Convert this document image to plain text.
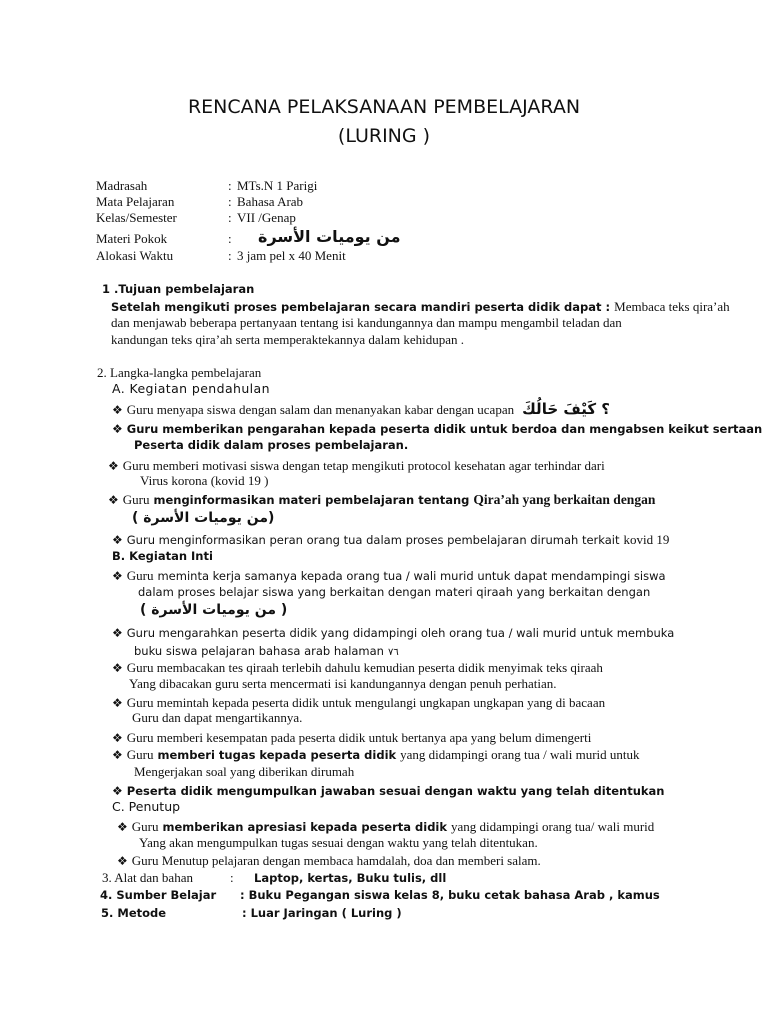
RENCANA PELAKSANAAN PEMBELAJARAN
(LURING )
Madrasah	: MTs.N 1 Parigi
Mata Pelajaran	: Bahasa Arab
Kelas/Semester	: VII /Genap
Materi Pokok	: من يوميات الأسرة
Alokasi Waktu	: 3 jam pel x 40 Menit
1 .Tujuan pembelajaran
Setelah mengikuti proses pembelajaran secara mandiri peserta didik dapat : Membaca teks qira’ah
dan menjawab beberapa pertanyaan tentang isi kandungannya dan mampu mengambil teladan dan
kandungan teks qira’ah serta memperaktekannya dalam kehidupan .
2. Langka-langka pembelajaran
A. Kegiatan pendahulan
❖ Guru menyapa siswa dengan salam dan menanyakan kabar dengan ucapan ؟ كَيْفَ حَالُكَ
❖ Guru memberikan pengarahan kepada peserta didik untuk berdoa dan mengabsen keikut sertaan
Peserta didik dalam proses pembelajaran.
❖ Guru memberi motivasi siswa dengan tetap mengikuti protocol kesehatan agar terhindar dari
Virus korona (kovid 19 )
❖ Guru menginformasikan materi pembelajaran tentang Qira’ah yang berkaitan dengan
( من يوميات الأسرة)
❖ Guru menginformasikan peran orang tua dalam proses pembelajaran dirumah terkait kovid 19
B. Kegiatan Inti
❖ Guru meminta kerja samanya kepada orang tua / wali murid untuk dapat mendampingi siswa
dalam proses belajar siswa yang berkaitan dengan materi qiraah yang berkaitan dengan
( من يوميات الأسرة )
❖ Guru mengarahkan peserta didik yang didampingi oleh orang tua / wali murid untuk membuka
buku siswa pelajaran bahasa arab halaman ٧٦
❖ Guru membacakan tes qiraah terlebih dahulu kemudian peserta didik menyimak teks qiraah
Yang dibacakan guru serta mencermati isi kandungannya dengan penuh perhatian.
❖ Guru memintah kepada peserta didik untuk mengulangi ungkapan ungkapan yang di bacaan
Guru dan dapat mengartikannya.
❖ Guru memberi kesempatan pada peserta didik untuk bertanya apa yang belum dimengerti
❖ Guru memberi tugas kepada peserta didik yang didampingi orang tua / wali murid untuk
Mengerjakan soal yang diberikan dirumah
❖ Peserta didik mengumpulkan jawaban sesuai dengan waktu yang telah ditentukan
C. Penutup
❖ Guru memberikan apresiasi kepada peserta didik yang didampingi orang tua/ wali murid
Yang akan mengumpulkan tugas sesuai dengan waktu yang telah ditentukan.
❖ Guru Menutup pelajaran dengan membaca hamdalah, doa dan memberi salam.
3. Alat dan bahan	: Laptop, kertas, Buku tulis, dll
4. Sumber Belajar : Buku Pegangan siswa kelas 8, buku cetak bahasa Arab , kamus
5. Metode	: Luar Jaringan ( Luring )
